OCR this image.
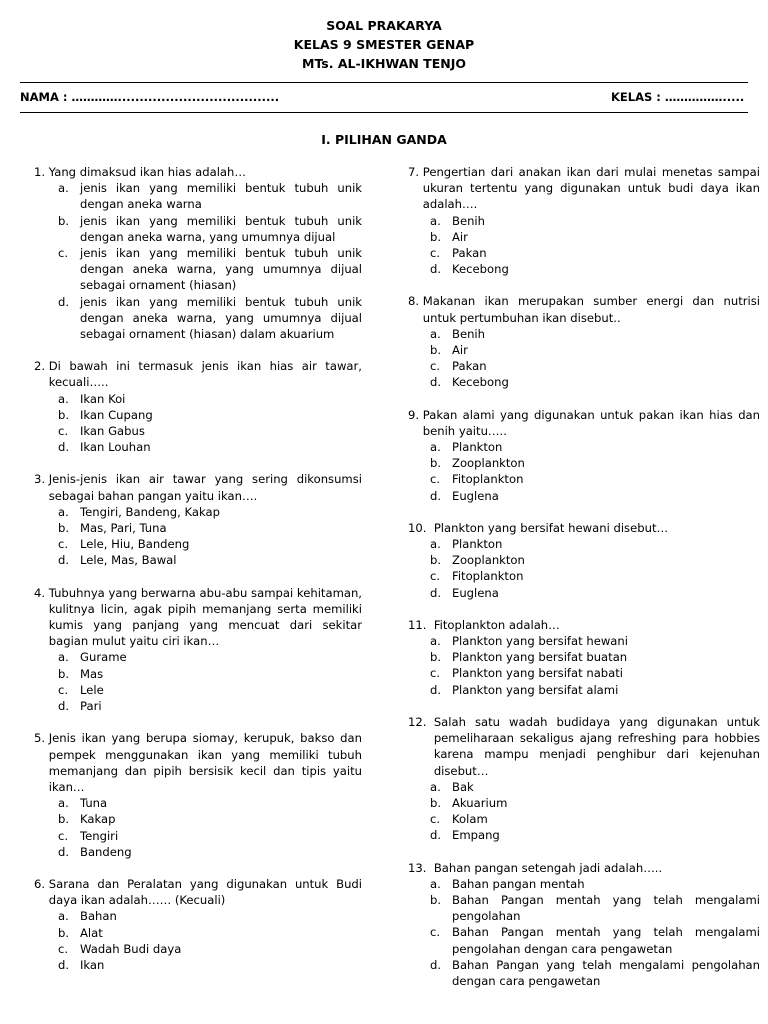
SOAL PRAKARYA
KELAS 9 SMESTER GENAP
MTs. AL-IKHWAN TENJO
NAMA : ………….....................................	KELAS : …………….....
I. PILIHAN GANDA
1. Yang dimaksud ikan hias adalah…
a. jenis ikan yang memiliki bentuk tubuh unik dengan aneka warna
b. jenis ikan yang memiliki bentuk tubuh unik dengan aneka warna, yang umumnya dijual
c.	jenis ikan yang memiliki bentuk tubuh unik dengan aneka warna, yang umumnya dijual sebagai ornament (hiasan)
d. jenis ikan yang memiliki bentuk tubuh unik dengan aneka warna, yang umumnya dijual sebagai ornament (hiasan) dalam akuarium
2. Di bawah ini termasuk jenis ikan hias air tawar, kecuali…..
a. Ikan Koi
b. Ikan Cupang
c.	Ikan Gabus
d. Ikan Louhan
3. Jenis-jenis ikan air tawar yang sering dikonsumsi sebagai bahan pangan yaitu ikan….
a. Tengiri, Bandeng, Kakap
b. Mas, Pari, Tuna
c.	Lele, Hiu, Bandeng
d. Lele, Mas, Bawal
4. Tubuhnya yang berwarna abu-abu sampai kehitaman, kulitnya licin, agak pipih memanjang serta memiliki kumis yang panjang yang mencuat dari sekitar bagian mulut yaitu ciri ikan…
a. Gurame
b. Mas
c.	Lele
d. Pari
5. Jenis ikan yang berupa siomay, kerupuk, bakso dan pempek menggunakan ikan yang memiliki tubuh memanjang dan pipih bersisik kecil dan tipis yaitu ikan…
a. Tuna
b. Kakap
c.	Tengiri
d. Bandeng
6. Sarana dan Peralatan yang digunakan untuk Budi daya ikan adalah…… (Kecuali)
a. Bahan
b. Alat
c.	Wadah Budi daya
d. Ikan
7. Pengertian dari anakan ikan dari mulai menetas sampai ukuran tertentu yang digunakan untuk budi daya ikan adalah….
a. Benih
b. Air
c.	Pakan
d. Kecebong
8. Makanan ikan merupakan sumber energi dan nutrisi untuk pertumbuhan ikan disebut..
a. Benih
b. Air
c.	Pakan
d. Kecebong
9. Pakan alami yang digunakan untuk pakan ikan hias dan benih yaitu…..
a. Plankton
b. Zooplankton
c.	Fitoplankton
d. Euglena
10. Plankton yang bersifat hewani disebut…
a. Plankton
b. Zooplankton
c.	Fitoplankton
d. Euglena
11. Fitoplankton adalah…
a. Plankton yang bersifat hewani
b. Plankton yang bersifat buatan
c.	Plankton yang bersifat nabati
d. Plankton yang bersifat alami
12. Salah satu wadah budidaya yang digunakan untuk pemeliharaan sekaligus ajang refreshing para hobbies karena mampu menjadi penghibur dari kejenuhan disebut…
a. Bak
b. Akuarium
c.	Kolam
d. Empang
13. Bahan pangan setengah jadi adalah…..
a. Bahan pangan mentah
b. Bahan Pangan mentah yang telah mengalami pengolahan
c.	Bahan Pangan mentah yang telah mengalami pengolahan dengan cara pengawetan
d. Bahan Pangan yang telah mengalami pengolahan dengan cara pengawetan
